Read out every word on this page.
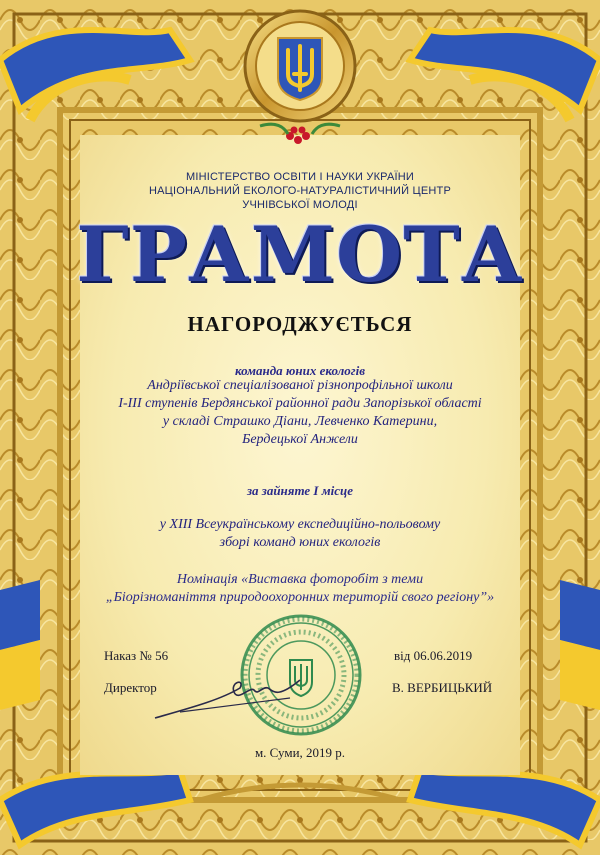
МІНІСТЕРСТВО ОСВІТИ І НАУКИ УКРАЇНИ
НАЦІОНАЛЬНИЙ ЕКОЛОГО-НАТУРАЛІСТИЧНИЙ ЦЕНТР
УЧНІВСЬКОЇ МОЛОДІ
ГРАМОТА
НАГОРОДЖУЄТЬСЯ
команда юних екологів
Андріївської спеціалізованої різнопрофільної школи
І-ІІІ ступенів Бердянської районної ради Запорізької області
у складі Страшко Діани, Левченко Катерини,
Бердецької Анжели
за зайняте І місце
у XIII Всеукраїнському експедиційно-польовому
зборі команд юних екологів
Номінація «Виставка фоторобіт з теми
„Біорізноманіття природоохоронних територій свого регіону”»
Наказ № 56	від 06.06.2019
Директор	В. ВЕРБИЦЬКИЙ
м. Суми, 2019 р.
